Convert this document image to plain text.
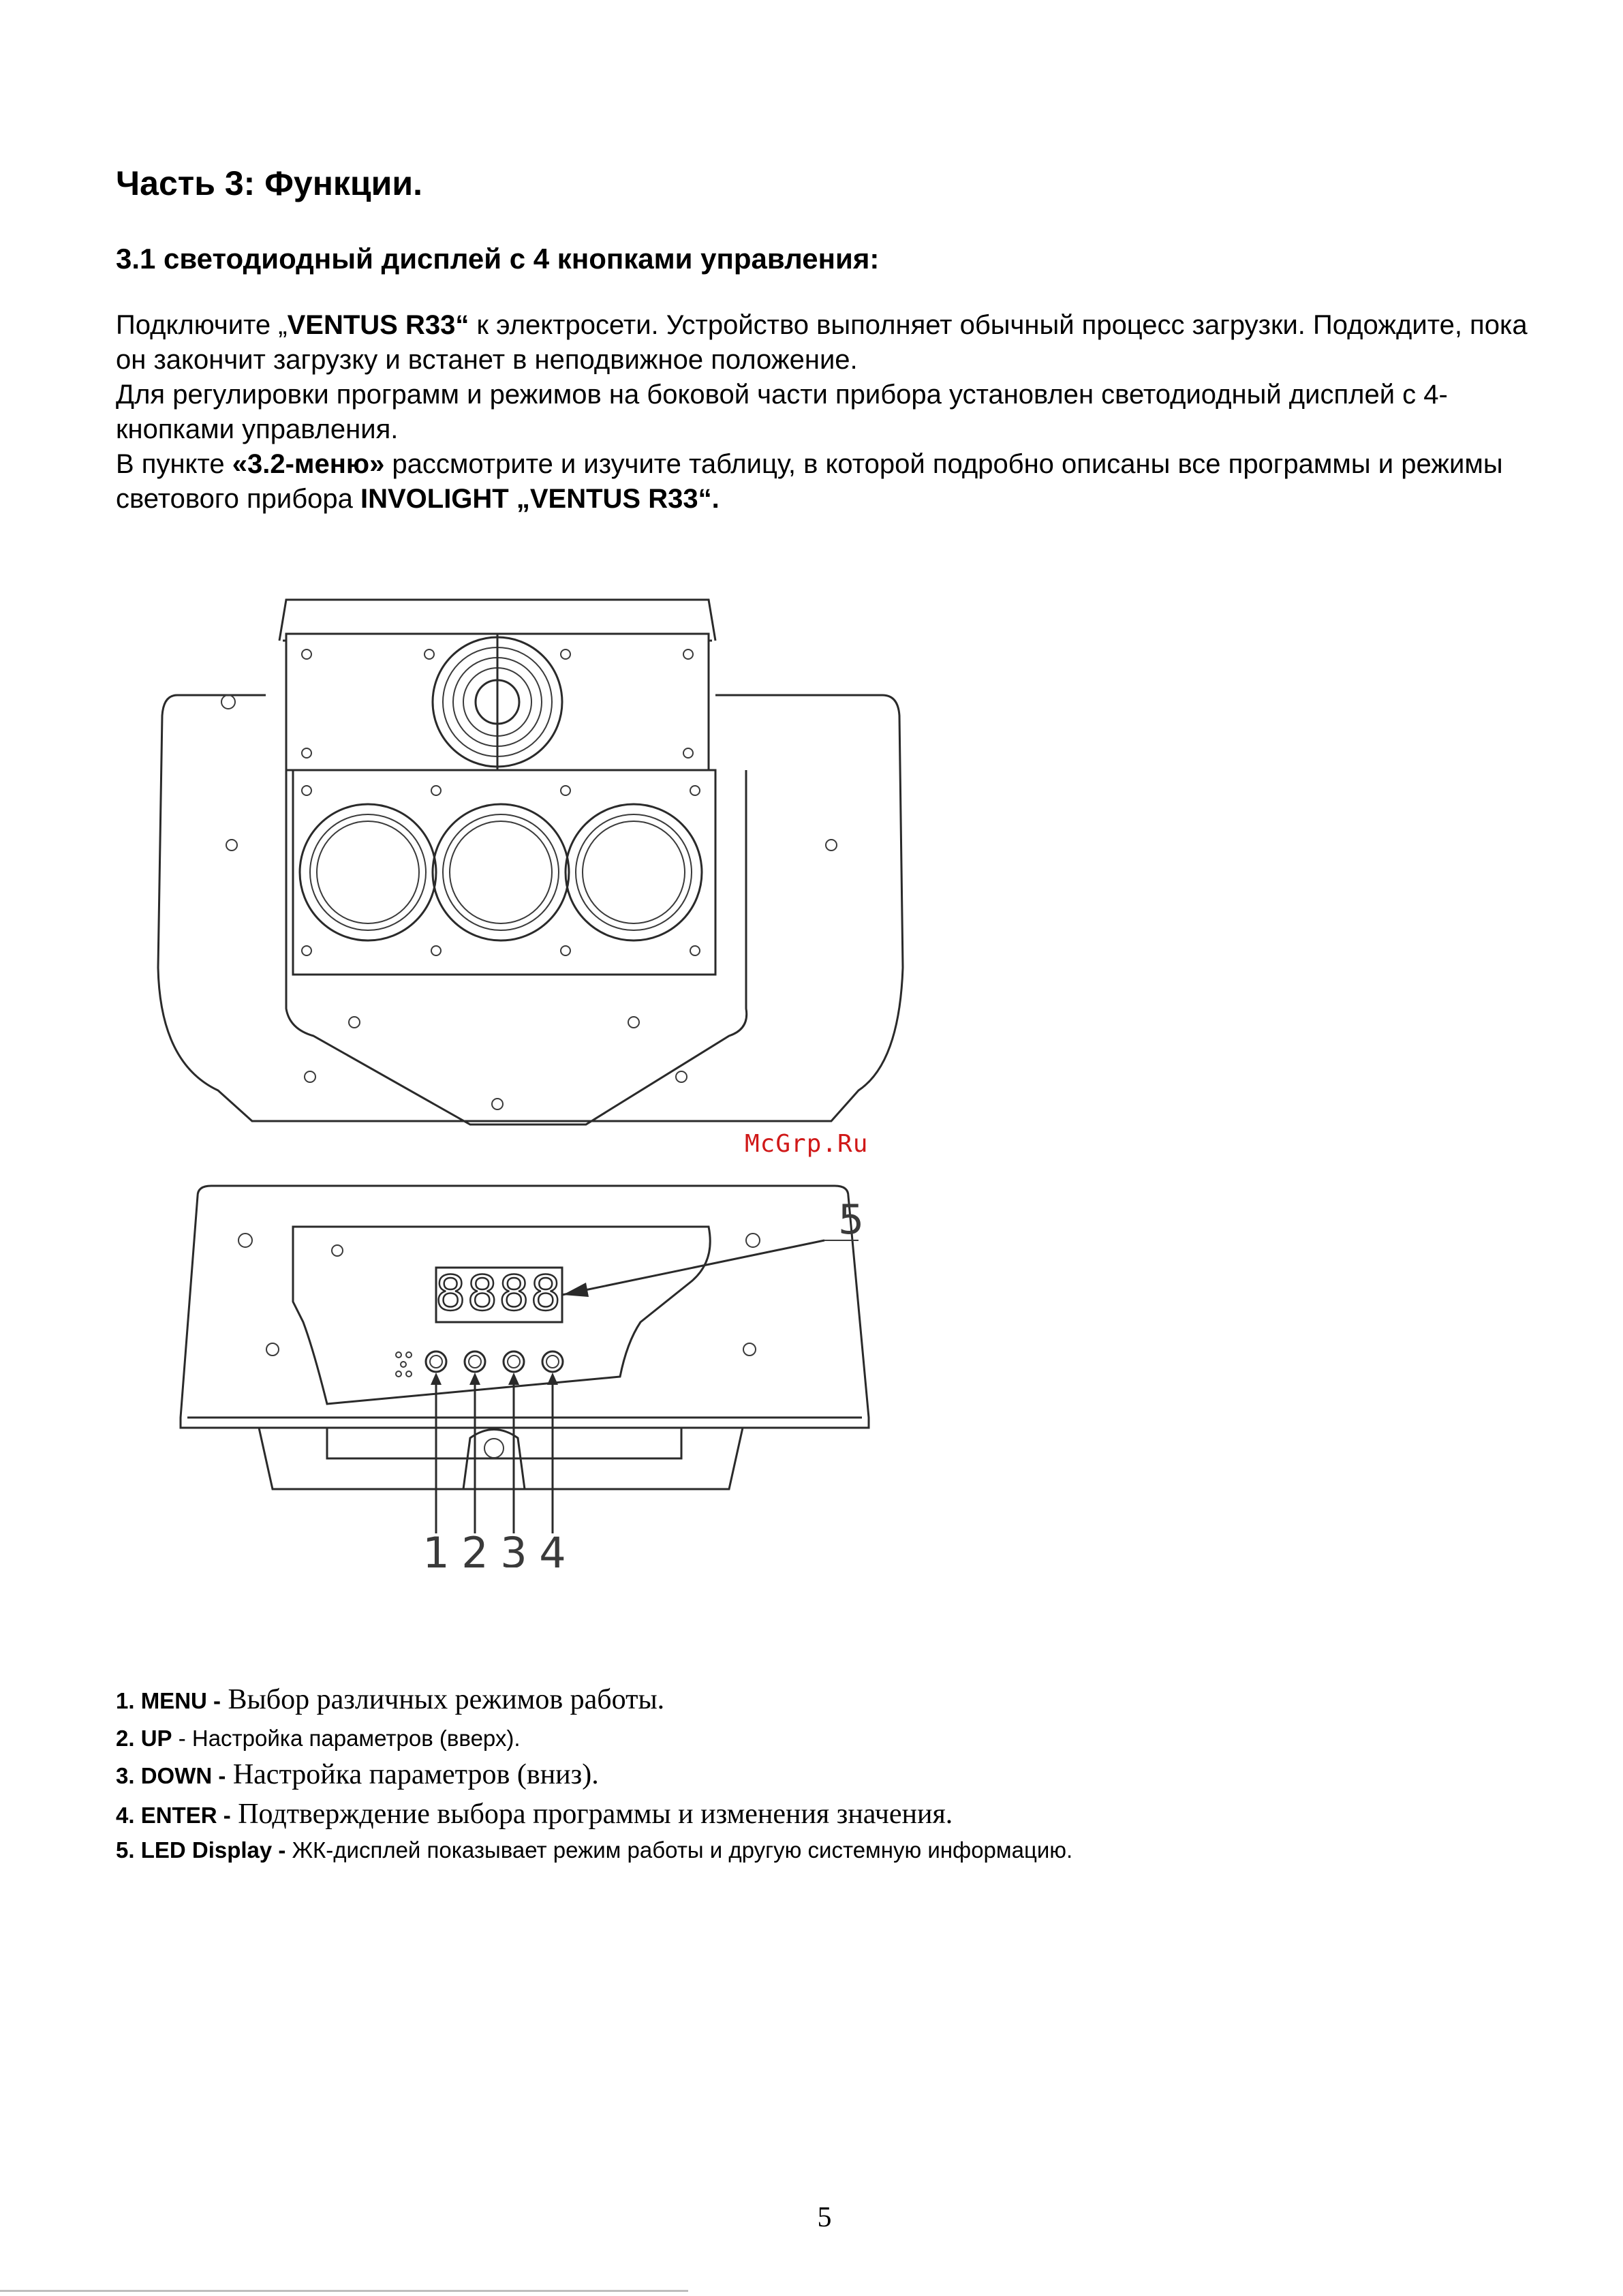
Часть 3: Функции.
3.1 светодиодный дисплей с 4 кнопками управления:

Подключите „VENTUS R33“ к электросети. Устройство выполняет обычный процесс загрузки. Подождите, пока он закончит загрузку и встанет в неподвижное положение.

Для регулировки программ и режимов на боковой части прибора установлен светодиодный дисплей с 4-кнопками управления.

В пункте «3.2-меню» рассмотрите и изучите таблицу, в которой подробно описаны все программы и режимы светового прибора INVOLIGHT „VENTUS R33“.

8888
5
1 2 3 4
McGrp.Ru
1. MENU - Выбор различных режимов работы.
2. UP - Настройка параметров (вверх).
3. DOWN - Настройка параметров (вниз).
4. ENTER - Подтверждение выбора программы и изменения значения.
5. LED Display - ЖК-дисплей показывает режим работы и другую системную информацию.
5
